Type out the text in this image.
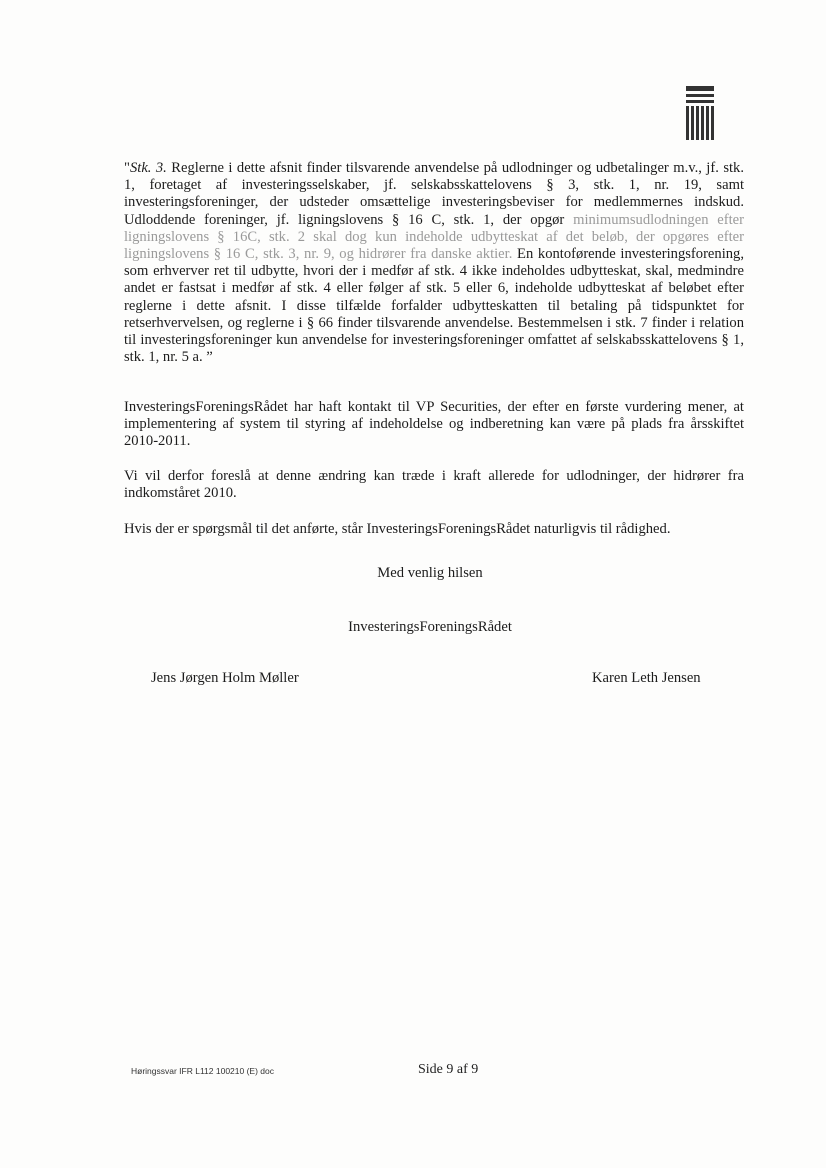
"Stk. 3. Reglerne i dette afsnit finder tilsvarende anvendelse på udlodninger og udbetalinger m.v., jf. stk. 1, foretaget af investeringsselskaber, jf. selskabsskattelovens § 3, stk. 1, nr. 19, samt investeringsforeninger, der udsteder omsættelige investeringsbeviser for medlemmernes indskud. Udloddende foreninger, jf. ligningslovens § 16 C, stk. 1, der opgør minimumsudlodningen efter ligningslovens § 16C, stk. 2 skal dog kun indeholde udbytteskat af det beløb, der opgøres efter ligningslovens § 16 C, stk. 3, nr. 9, og hidrører fra danske aktier. En kontoførende investeringsforening, som erhverver ret til udbytte, hvori der i medfør af stk. 4 ikke indeholdes udbytteskat, skal, medmindre andet er fastsat i medfør af stk. 4 eller følger af stk. 5 eller 6, indeholde udbytteskat af beløbet efter reglerne i dette afsnit. I disse tilfælde forfalder udbytteskatten til betaling på tidspunktet for retserhvervelsen, og reglerne i § 66 finder tilsvarende anvendelse. Bestemmelsen i stk. 7 finder i relation til investeringsforeninger kun anvendelse for investeringsforeninger omfattet af selskabsskattelovens § 1, stk. 1, nr. 5 a. ”
InvesteringsForeningsRådet har haft kontakt til VP Securities, der efter en første vurdering mener, at implementering af system til styring af indeholdelse og indberetning kan være på plads fra årsskiftet 2010-2011.
Vi vil derfor foreslå at denne ændring kan træde i kraft allerede for udlodninger, der hidrører fra indkomståret 2010.
Hvis der er spørgsmål til det anførte, står InvesteringsForeningsRådet naturligvis til rådighed.
Med venlig hilsen
InvesteringsForeningsRådet
Jens Jørgen Holm Møller	Karen Leth Jensen
Høringssvar IFR L112 100210 (E) doc	Side 9 af 9
